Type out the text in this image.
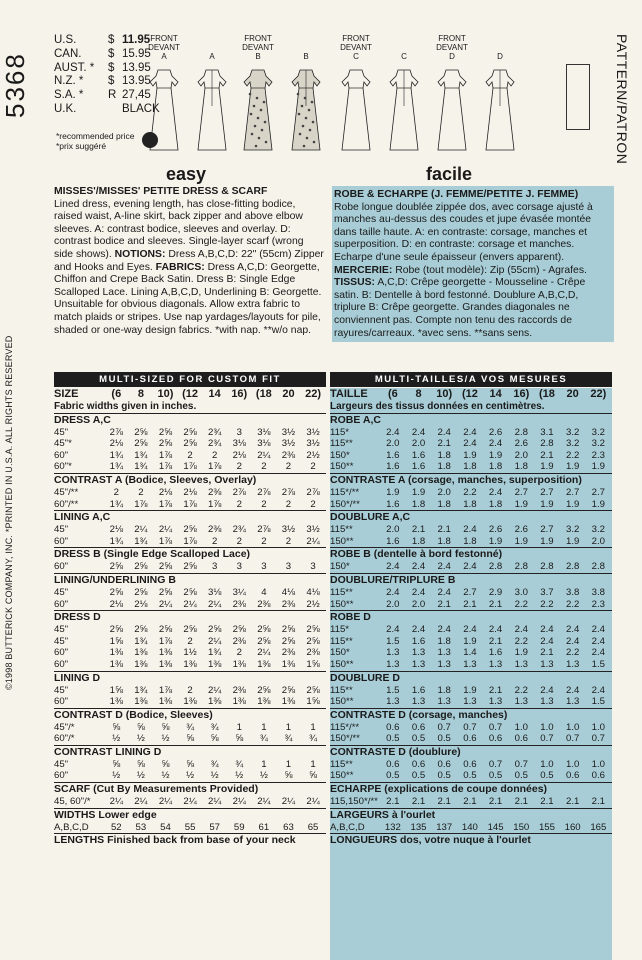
5368
©1998 BUTTERICK COMPANY, INC. *PRINTED IN U.S.A. ALL RIGHTS RESERVED
PATTERN/PATRON
U.S.	$ 11.95
CAN.	$ 15.95
AUST. *	$ 13.95
N.Z. *	$ 13.95
S.A. *	R 27,45
U.K.	BLACK
*recommended price
*prix suggéré
FRONT
DEVANT
A	A
FRONT
DEVANT
B	B
FRONT
DEVANT
C	C
FRONT
DEVANT
D	D
easy	facile
MISSES'/MISSES' PETITE DRESS & SCARF
Lined dress, evening length, has close-fitting bodice, raised waist, A-line skirt, back zipper and above elbow sleeves. A: contrast bodice, sleeves and overlay. D: contrast bodice and sleeves. Single-layer scarf (wrong side shows). NOTIONS: Dress A,B,C,D: 22" (55cm) Zipper and Hooks and Eyes. FABRICS: Dress A,C,D: Georgette, Chiffon and Crepe Back Satin. Dress B: Single Edge Scalloped Lace. Lining A,B,C,D, Underlining B: Georgette. Unsuitable for obvious diagonals. Allow extra fabric to match plaids or stripes. Use nap yardages/layouts for pile, shaded or one-way design fabrics. *with nap. **w/o nap.
ROBE & ECHARPE (J. FEMME/PETITE J. FEMME)
Robe longue doublée zippée dos, avec corsage ajusté à manches au-dessus des coudes et jupe évasée montée dans taille haute. A: en contraste: corsage, manches et superposition. D: en contraste: corsage et manches. Echarpe d'une seule épaisseur (envers apparent). MERCERIE: Robe (tout modèle): Zip (55cm) - Agrafes. TISSUS: A,C,D: Crêpe georgette - Mousseline - Crêpe satin. B: Dentelle à bord festonné. Doublure A,B,C,D, triplure B: Crêpe georgette. Grandes diagonales ne conviennent pas. Compte non tenu des raccords de rayures/carreaux. *avec sens. **sans sens.
MULTI-SIZED FOR CUSTOM FIT	MULTI-TAILLES/A VOS MESURES
SIZE	(6	8	10) (12 14 16) (18 20 22)
Fabric widths given in inches.
DRESS A,C
45"	2⅞	2⅝	2⅝	2⅝	2¾	3	3⅛	3½	3½
45"*	2⅛	2⅝	2⅝	2⅝	2¾	3⅛	3⅛	3½	3½
60"	1¾	1¾	1⅞	2	2	2⅛	2¼	2⅜	2½
60"*	1¾	1¾	1⅞	1⅞	1⅞	2	2	2	2
CONTRAST A (Bodice, Sleeves, Overlay)
45"/**	2	2	2⅛	2⅛	2⅜	2⅞	2⅞	2⅞	2⅞
60"/**	1¾	1⅞	1⅞	1⅞	1⅞	2	2	2	2
LINING A,C
45"	2⅛	2¼	2¼	2⅝	2⅜	2¾	2⅞	3½	3½
60"	1¾	1¾	1⅞	1⅞	2	2	2	2	2¼
DRESS B (Single Edge Scalloped Lace)
60"	2⅝	2⅝	2⅝	2⅝	3	3	3	3	3
LINING/UNDERLINING B
45"	2⅝	2⅝	2⅝	2⅝	3⅛	3¼	4	4⅛	4⅛
60"	2⅛	2⅛	2¼	2¼	2¼	2⅜	2⅜	2⅜	2½
DRESS D
45"	2⅝	2⅝	2⅝	2⅝	2⅝	2⅝	2⅝	2⅝	2⅝
45"	1⅝	1¾	1⅞	2	2¼	2⅜	2⅝	2⅝	2⅝
60"	1⅜	1⅜	1⅜	1½	1¾	2	2¼	2⅜	2⅜
60"	1⅜	1⅜	1⅜	1⅜	1⅜	1⅜	1⅜	1⅜	1⅝
LINING D
45"	1⅝	1¾	1⅞	2	2¼	2⅜	2⅝	2⅝	2⅝
60"	1⅜	1⅜	1⅜	1⅜	1⅜	1⅜	1⅜	1⅜	1⅝
CONTRAST D (Bodice, Sleeves)
45"/*	⅝	⅝	⅝	¾	¾	1	1	1	1
60"/*	½	½	½	⅝	⅝	⅝	¾	¾	¾
CONTRAST LINING D
45"	⅝	⅝	⅝	⅝	¾	¾	1	1	1
60"	½	½	½	½	½	½	½	⅝	⅝
SCARF (Cut By Measurements Provided)
45, 60"/*	2¼	2¼	2¼	2¼	2¼	2¼	2¼	2¼	2¼
WIDTHS Lower edge
A,B,C,D	52	53	54	55	57	59	61	63	65
LENGTHS Finished back from base of your neck
TAILLE	(6	8	10) (12	14	16) (18	20	22)
Largeurs des tissus données en centimètres.
ROBE A,C
115*	2.4	2.4	2.4	2.4	2.6	2.8	3.1	3.2	3.2
115**	2.0	2.0	2.1	2.4	2.4	2.6	2.8	3.2	3.2
150*	1.6	1.6	1.8	1.9	1.9	2.0	2.1	2.2	2.3
150**	1.6	1.6	1.8	1.8	1.8	1.8	1.9	1.9	1.9
CONTRASTE A (corsage, manches, superposition)
115*/**	1.9	1.9	2.0	2.2	2.4	2.7	2.7	2.7	2.7
150*/**	1.6	1.8	1.8	1.8	1.8	1.9	1.9	1.9	1.9
DOUBLURE A,C
115**	2.0	2.1	2.1	2.4	2.6	2.6	2.7	3.2	3.2
150**	1.6	1.8	1.8	1.8	1.9	1.9	1.9	1.9	2.0
ROBE B (dentelle à bord festonné)
150*	2.4	2.4	2.4	2.4	2.8	2.8	2.8	2.8	2.8
DOUBLURE/TRIPLURE B
115**	2.4	2.4	2.4	2.7	2.9	3.0	3.7	3.8	3.8
150**	2.0	2.0	2.1	2.1	2.1	2.2	2.2	2.2	2.3
ROBE D
115*	2.4	2.4	2.4	2.4	2.4	2.4	2.4	2.4	2.4
115**	1.5	1.6	1.8	1.9	2.1	2.2	2.4	2.4	2.4
150*	1.3	1.3	1.3	1.4	1.6	1.9	2.1	2.2	2.4
150**	1.3	1.3	1.3	1.3	1.3	1.3	1.3	1.3	1.5
DOUBLURE D
115**	1.5	1.6	1.8	1.9	2.1	2.2	2.4	2.4	2.4
150**	1.3	1.3	1.3	1.3	1.3	1.3	1.3	1.3	1.5
CONTRASTE D (corsage, manches)
115*/**	0.6	0.6	0.7	0.7	0.7	1.0	1.0	1.0	1.0
150*/**	0.5	0.5	0.5	0.6	0.6	0.6	0.7	0.7	0.7
CONTRASTE D (doublure)
115**	0.6	0.6	0.6	0.6	0.7	0.7	1.0	1.0	1.0
150**	0.5	0.5	0.5	0.5	0.5	0.5	0.5	0.6	0.6
ECHARPE (explications de coupe données)
115,150*/** 2.1	2.1	2.1	2.1	2.1	2.1	2.1	2.1	2.1
LARGEURS à l'ourlet
A,B,C,D	132	135	137	140	145	150	155	160	165
LONGUEURS dos, votre nuque à l'ourlet
